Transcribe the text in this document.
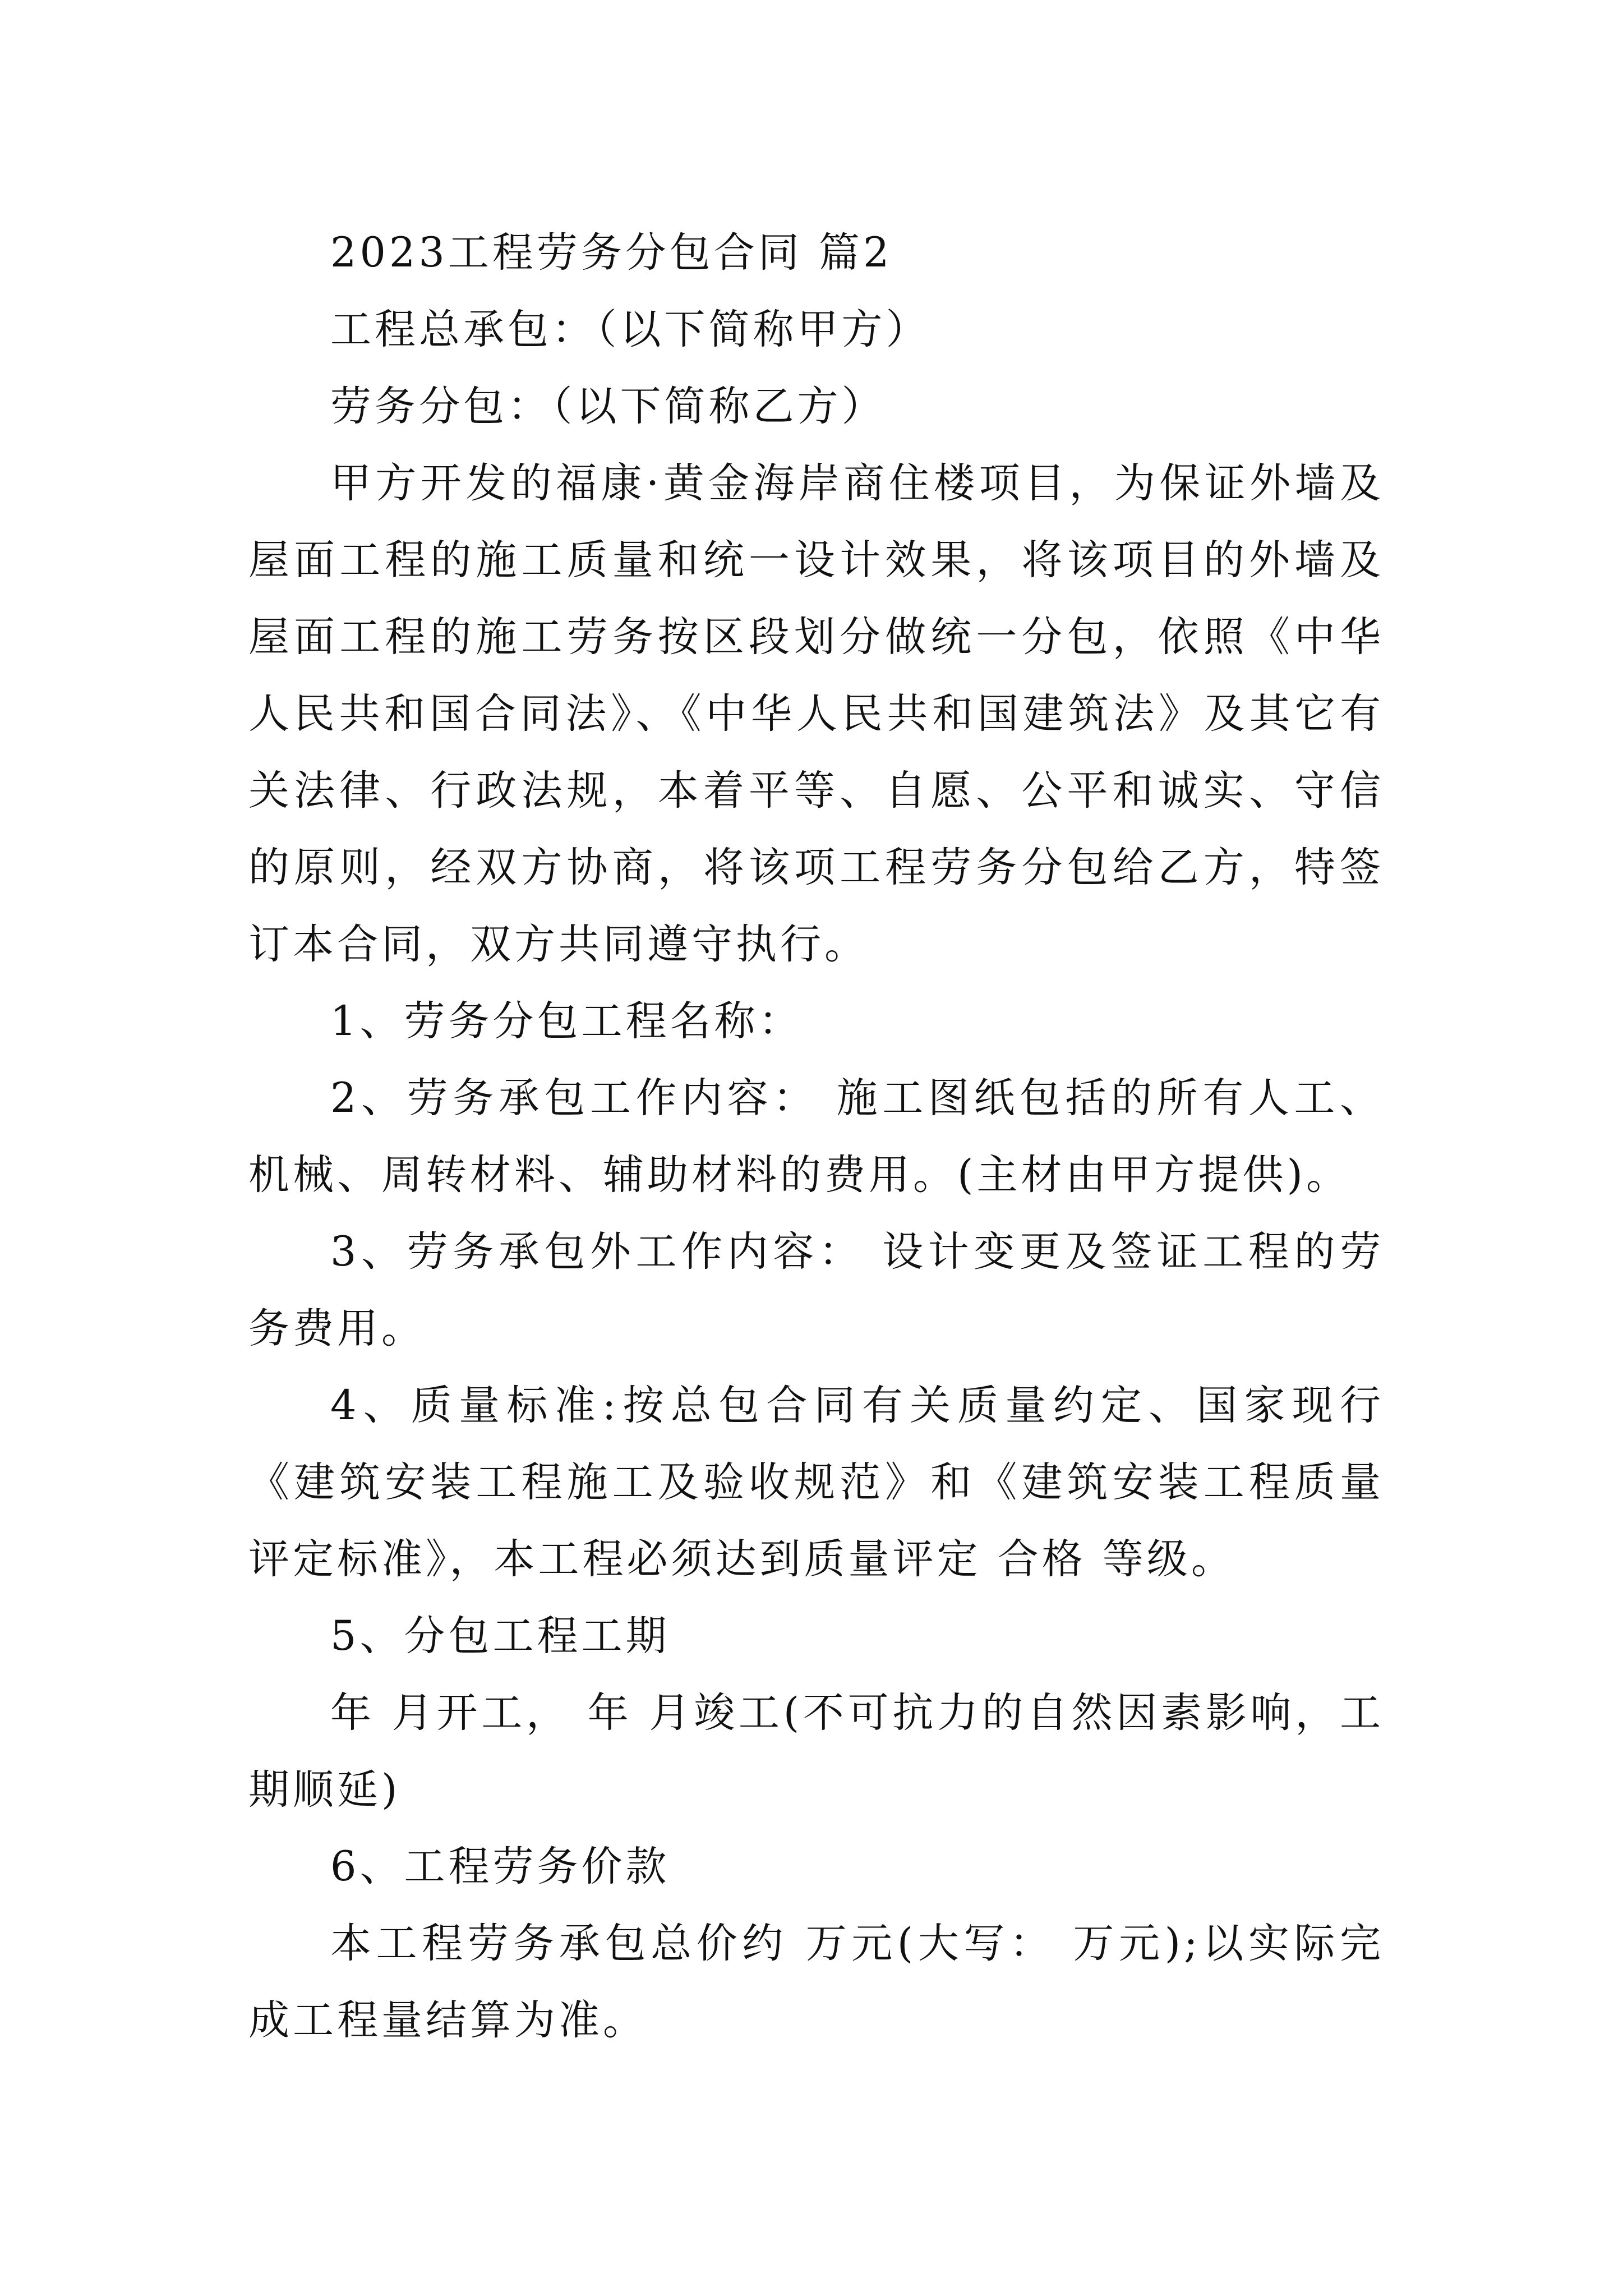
2023工程劳务分包合同 篇2

工程总承包：（以下简称甲方）

劳务分包：（以下简称乙方）

甲方开发的福康·黄金海岸商住楼项目，为保证外墙及屋面工程的施工质量和统一设计效果，将该项目的外墙及屋面工程的施工劳务按区段划分做统一分包，依照《中华人民共和国合同法》、《中华人民共和国建筑法》及其它有关法律、行政法规，本着平等、自愿、公平和诚实、守信的原则，经双方协商，将该项工程劳务分包给乙方，特签订本合同，双方共同遵守执行。

1、劳务分包工程名称：

2、劳务承包工作内容： 施工图纸包括的所有人工、机械、周转材料、辅助材料的费用。(主材由甲方提供)。

3、劳务承包外工作内容： 设计变更及签证工程的劳务费用。

4、质量标准:按总包合同有关质量约定、国家现行《建筑安装工程施工及验收规范》和《建筑安装工程质量评定标准》，本工程必须达到质量评定 合格 等级。

5、分包工程工期

年 月开工， 年 月竣工(不可抗力的自然因素影响，工期顺延)

6、工程劳务价款

本工程劳务承包总价约 万元(大写： 万元);以实际完成工程量结算为准。
